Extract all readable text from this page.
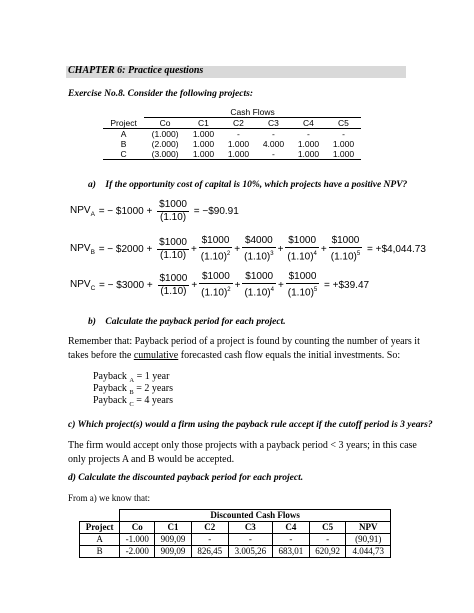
CHAPTER 6: Practice questions
Exercise No.8. Consider the following projects:
	Cash Flows					
Project	Co	C1	C2	C3	C4	C5
A	(1.000)	1.000	-	-	-	-
B	(2.000)	1.000	1.000	4.000	1.000	1.000
C	(3.000)	1.000	1.000	-	1.000	1.000
a) If the opportunity cost of capital is 10%, which projects have a positive NPV?
$NPV_A$ = − $1000 + $\frac{\$1000}{(1.10)}$ = −$90.91
$NPV_B$ = − $2000 + $\frac{\$1000}{(1.10)} + \frac{\$1000}{(1.10)^2} + \frac{\$4000}{(1.10)^3} + \frac{\$1000}{(1.10)^4} + \frac{\$1000}{(1.10)^5}$ = +$4,044.73
$NPV_C$ = − $3000 + $\frac{\$1000}{(1.10)} + \frac{\$1000}{(1.10)^2} + \frac{\$1000}{(1.10)^4} + \frac{\$1000}{(1.10)^5}$ = +$39.47
b) Calculate the payback period for each project.
Remember that: Payback period of a project is found by counting the number of years it
takes before the cumulative forecasted cash flow equals the initial investments. So:
Payback $_A$ = 1 year
Payback $_B$ = 2 years
Payback $_C$ = 4 years
c) Which project(s) would a firm using the payback rule accept if the cutoff period is 3 years?
The firm would accept only those projects with a payback period < 3 years; in this case
only projects A and B would be accepted.
d) Calculate the discounted payback period for each project.
From a) we know that:
	Discounted Cash Flows						
Project	Co	C1	C2	C3	C4	C5	NPV
A	-1.000	909,09	-	-	-	-	(90,91)
B	-2.000	909,09	826,45	3.005,26	683,01	620,92	4.044,73
